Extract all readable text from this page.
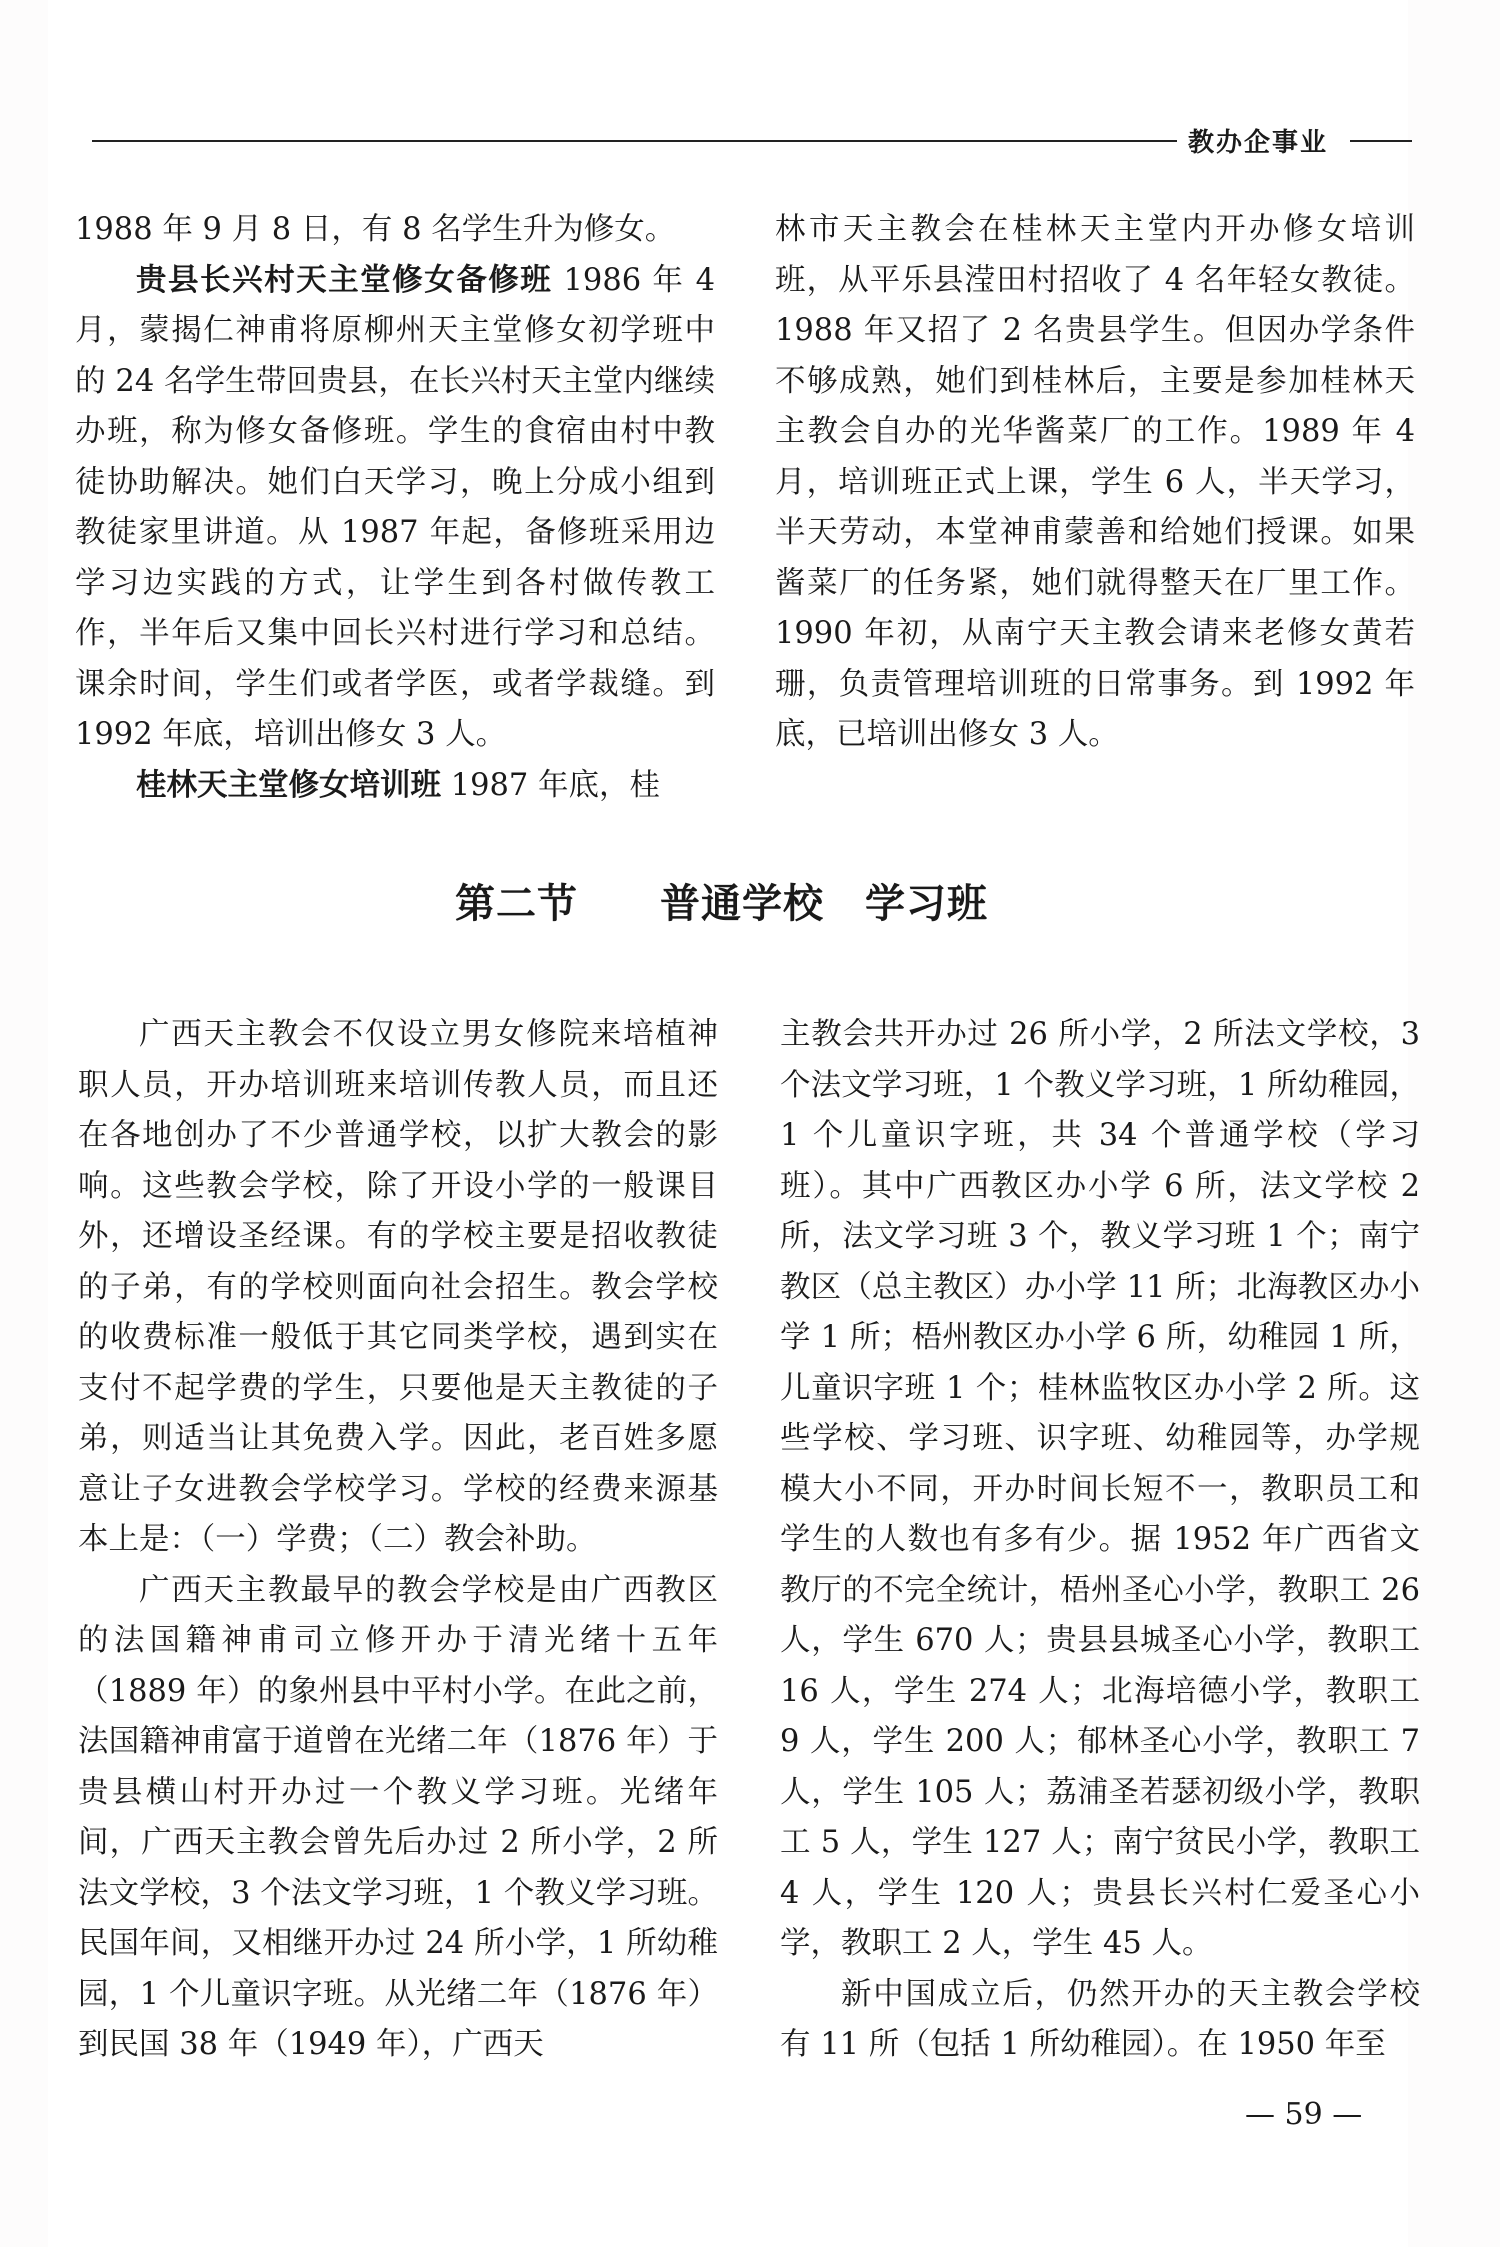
教办企事业

1988 年 9 月 8 日，有 8 名学生升为修女。

贵县长兴村天主堂修女备修班 1986 年 4 月，蒙揭仁神甫将原柳州天主堂修女初学班中的 24 名学生带回贵县，在长兴村天主堂内继续办班，称为修女备修班。学生的食宿由村中教徒协助解决。她们白天学习，晚上分成小组到教徒家里讲道。从 1987 年起，备修班采用边学习边实践的方式，让学生到各村做传教工作，半年后又集中回长兴村进行学习和总结。课余时间，学生们或者学医，或者学裁缝。到 1992 年底，培训出修女 3 人。

桂林天主堂修女培训班 1987 年底，桂

林市天主教会在桂林天主堂内开办修女培训班，从平乐县滢田村招收了 4 名年轻女教徒。1988 年又招了 2 名贵县学生。但因办学条件不够成熟，她们到桂林后，主要是参加桂林天主教会自办的光华酱菜厂的工作。1989 年 4 月，培训班正式上课，学生 6 人，半天学习，半天劳动，本堂神甫蒙善和给她们授课。如果酱菜厂的任务紧，她们就得整天在厂里工作。1990 年初，从南宁天主教会请来老修女黄若珊，负责管理培训班的日常事务。到 1992 年底，已培训出修女 3 人。

第二节　　普通学校　学习班

广西天主教会不仅设立男女修院来培植神职人员，开办培训班来培训传教人员，而且还在各地创办了不少普通学校，以扩大教会的影响。这些教会学校，除了开设小学的一般课目外，还增设圣经课。有的学校主要是招收教徒的子弟，有的学校则面向社会招生。教会学校的收费标准一般低于其它同类学校，遇到实在支付不起学费的学生，只要他是天主教徒的子弟，则适当让其免费入学。因此，老百姓多愿意让子女进教会学校学习。学校的经费来源基本上是：（一）学费；（二）教会补助。

广西天主教最早的教会学校是由广西教区的法国籍神甫司立修开办于清光绪十五年（1889 年）的象州县中平村小学。在此之前，法国籍神甫富于道曾在光绪二年（1876 年）于贵县横山村开办过一个教义学习班。光绪年间，广西天主教会曾先后办过 2 所小学，2 所法文学校，3 个法文学习班，1 个教义学习班。民国年间，又相继开办过 24 所小学，1 所幼稚园，1 个儿童识字班。从光绪二年（1876 年）到民国 38 年（1949 年），广西天

主教会共开办过 26 所小学，2 所法文学校，3 个法文学习班，1 个教义学习班，1 所幼稚园，1 个儿童识字班，共 34 个普通学校（学习班）。其中广西教区办小学 6 所，法文学校 2 所，法文学习班 3 个，教义学习班 1 个；南宁教区（总主教区）办小学 11 所；北海教区办小学 1 所；梧州教区办小学 6 所，幼稚园 1 所，儿童识字班 1 个；桂林监牧区办小学 2 所。这些学校、学习班、识字班、幼稚园等，办学规模大小不同，开办时间长短不一，教职员工和学生的人数也有多有少。据 1952 年广西省文教厅的不完全统计，梧州圣心小学，教职工 26 人，学生 670 人；贵县县城圣心小学，教职工 16 人，学生 274 人；北海培德小学，教职工 9 人，学生 200 人；郁林圣心小学，教职工 7 人，学生 105 人；荔浦圣若瑟初级小学，教职工 5 人，学生 127 人；南宁贫民小学，教职工 4 人，学生 120 人；贵县长兴村仁爱圣心小学，教职工 2 人，学生 45 人。

新中国成立后，仍然开办的天主教会学校有 11 所（包括 1 所幼稚园）。在 1950 年至

— 59 —
